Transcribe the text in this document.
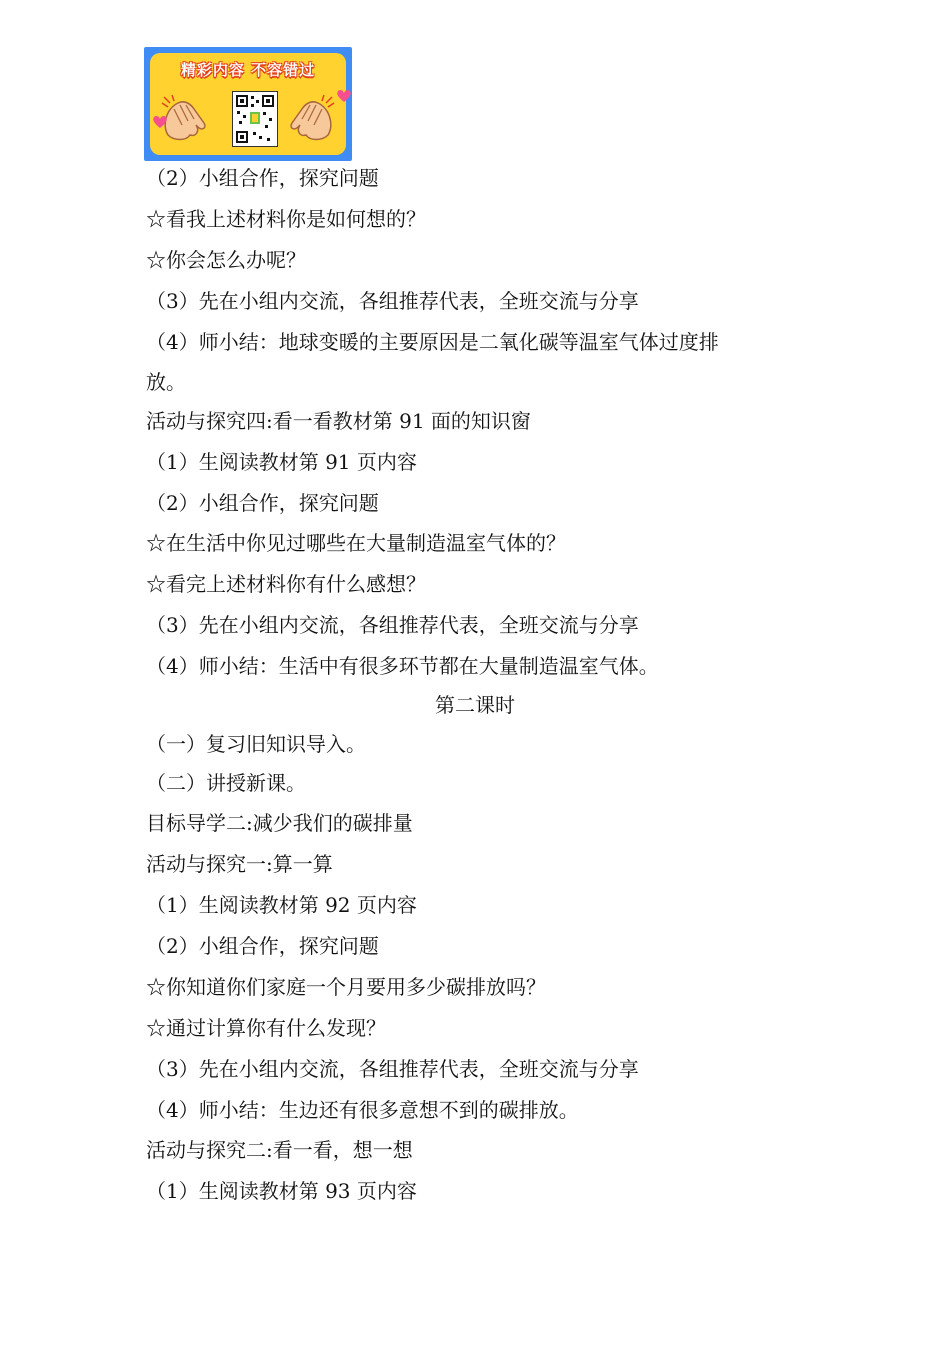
精彩内容 不容错过
（2）小组合作，探究问题
☆看我上述材料你是如何想的？
☆你会怎么办呢？
（3）先在小组内交流，各组推荐代表，全班交流与分享
（4）师小结：地球变暖的主要原因是二氧化碳等温室气体过度排
放。
活动与探究四:看一看教材第 91 面的知识窗
（1）生阅读教材第 91 页内容
（2）小组合作，探究问题
☆在生活中你见过哪些在大量制造温室气体的？
☆看完上述材料你有什么感想？
（3）先在小组内交流，各组推荐代表，全班交流与分享
（4）师小结：生活中有很多环节都在大量制造温室气体。
第二课时
（一）复习旧知识导入。
（二）讲授新课。
目标导学二:减少我们的碳排量
活动与探究一:算一算
（1）生阅读教材第 92 页内容
（2）小组合作，探究问题
☆你知道你们家庭一个月要用多少碳排放吗？
☆通过计算你有什么发现？
（3）先在小组内交流，各组推荐代表，全班交流与分享
（4）师小结：生边还有很多意想不到的碳排放。
活动与探究二:看一看，想一想
（1）生阅读教材第 93 页内容
